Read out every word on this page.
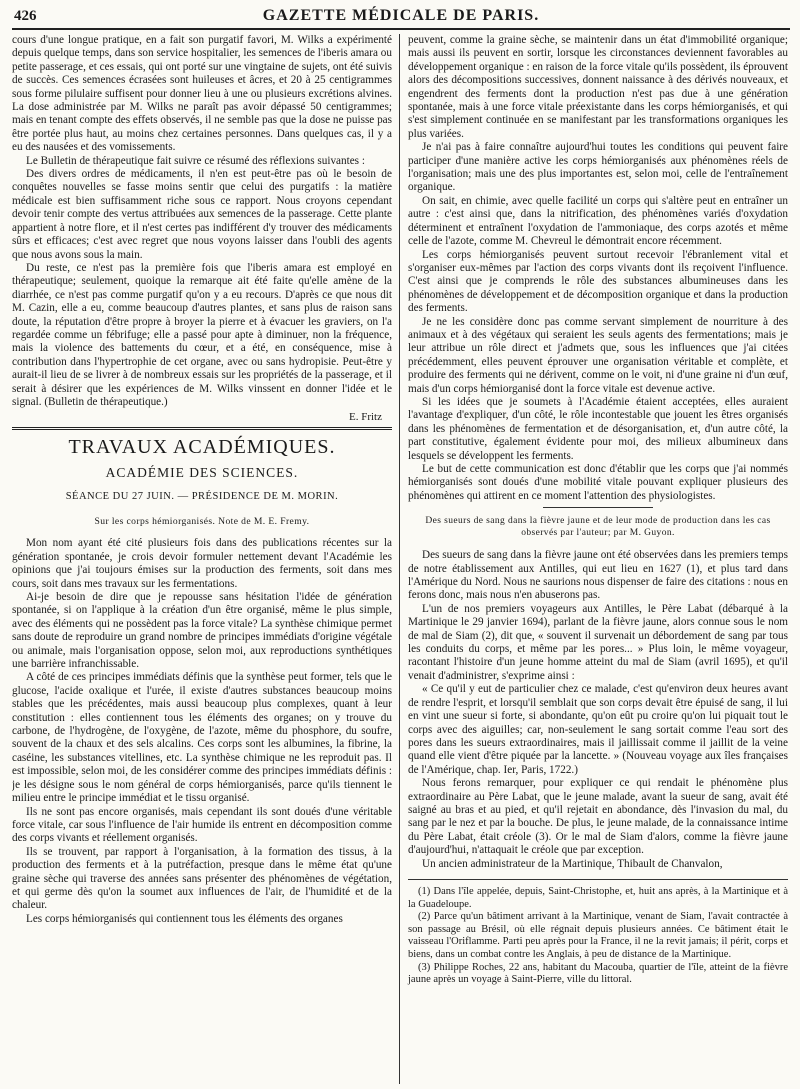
426	GAZETTE MÉDICALE DE PARIS.

cours d'une longue pratique, en a fait son purgatif favori, M. Wilks a expérimenté depuis quelque temps, dans son service hospitalier, les semences de l'iberis amara ou petite passerage, et ces essais, qui ont porté sur une vingtaine de sujets, ont été suivis de succès. Ces semences écrasées sont huileuses et âcres, et 20 à 25 centigrammes sous forme pilulaire suffisent pour donner lieu à une ou plusieurs excrétions alvines. La dose administrée par M. Wilks ne paraît pas avoir dépassé 50 centigrammes; mais en tenant compte des effets observés, il ne semble pas que la dose ne puisse pas être portée plus haut, au moins chez certaines personnes. Dans quelques cas, il y a eu des nausées et des vomissements.

Le Bulletin de thérapeutique fait suivre ce résumé des réflexions suivantes :

Des divers ordres de médicaments, il n'en est peut-être pas où le besoin de conquêtes nouvelles se fasse moins sentir que celui des purgatifs : la matière médicale est bien suffisamment riche sous ce rapport. Nous croyons cependant devoir tenir compte des vertus attribuées aux semences de la passerage. Cette plante appartient à notre flore, et il n'est certes pas indifférent d'y trouver des médicaments sûrs et efficaces; c'est avec regret que nous voyons laisser dans l'oubli des agents que nous avons sous la main.

Du reste, ce n'est pas la première fois que l'iberis amara est employé en thérapeutique; seulement, quoique la remarque ait été faite qu'elle amène de la diarrhée, ce n'est pas comme purgatif qu'on y a eu recours. D'après ce que nous dit M. Cazin, elle a eu, comme beaucoup d'autres plantes, et sans plus de raison sans doute, la réputation d'être propre à broyer la pierre et à évacuer les graviers, on l'a regardée comme un fébrifuge; elle a passé pour apte à diminuer, non la fréquence, mais la violence des battements du cœur, et a été, en conséquence, mise à contribution dans l'hypertrophie de cet organe, avec ou sans hydropisie. Peut-être y aurait-il lieu de se livrer à de nombreux essais sur les propriétés de la passerage, et il serait à désirer que les expériences de M. Wilks vinssent en donner l'idée et le signal. (Bulletin de thérapeutique.)

E. Fritz
TRAVAUX ACADÉMIQUES.
ACADÉMIE DES SCIENCES.
SÉANCE DU 27 JUIN. — PRÉSIDENCE DE M. MORIN.
Sur les corps hémiorganisés. Note de M. E. Fremy.

Mon nom ayant été cité plusieurs fois dans des publications récentes sur la génération spontanée, je crois devoir formuler nettement devant l'Académie les opinions que j'ai toujours émises sur la production des ferments, soit dans mes cours, soit dans mes travaux sur les fermentations.

Ai-je besoin de dire que je repousse sans hésitation l'idée de génération spontanée, si on l'applique à la création d'un être organisé, même le plus simple, avec des éléments qui ne possèdent pas la force vitale? La synthèse chimique permet sans doute de reproduire un grand nombre de principes immédiats d'origine végétale ou animale, mais l'organisation oppose, selon moi, aux reproductions synthétiques une barrière infranchissable.

A côté de ces principes immédiats définis que la synthèse peut former, tels que le glucose, l'acide oxalique et l'urée, il existe d'autres substances beaucoup moins stables que les précédentes, mais aussi beaucoup plus complexes, quant à leur constitution : elles contiennent tous les éléments des organes; on y trouve du carbone, de l'hydrogène, de l'oxygène, de l'azote, même du phosphore, du soufre, souvent de la chaux et des sels alcalins. Ces corps sont les albumines, la fibrine, la caséine, les substances vitellines, etc. La synthèse chimique ne les reproduit pas. Il est impossible, selon moi, de les considérer comme des principes immédiats définis : je les désigne sous le nom général de corps hémiorganisés, parce qu'ils tiennent le milieu entre le principe immédiat et le tissu organisé.

Ils ne sont pas encore organisés, mais cependant ils sont doués d'une véritable force vitale, car sous l'influence de l'air humide ils entrent en décomposition comme des corps vivants et réellement organisés.

Ils se trouvent, par rapport à l'organisation, à la formation des tissus, à la production des ferments et à la putréfaction, presque dans le même état qu'une graine sèche qui traverse des années sans présenter des phénomènes de végétation, et qui germe dès qu'on la soumet aux influences de l'air, de l'humidité et de la chaleur.

Les corps hémiorganisés qui contiennent tous les éléments des organes

peuvent, comme la graine sèche, se maintenir dans un état d'immobilité organique; mais aussi ils peuvent en sortir, lorsque les circonstances deviennent favorables au développement organique : en raison de la force vitale qu'ils possèdent, ils éprouvent alors des décompositions successives, donnent naissance à des dérivés nouveaux, et engendrent des ferments dont la production n'est pas due à une génération spontanée, mais à une force vitale préexistante dans les corps hémiorganisés, et qui s'est simplement continuée en se manifestant par les transformations organiques les plus variées.

Je n'ai pas à faire connaître aujourd'hui toutes les conditions qui peuvent faire participer d'une manière active les corps hémiorganisés aux phénomènes réels de l'organisation; mais une des plus importantes est, selon moi, celle de l'entraînement organique.

On sait, en chimie, avec quelle facilité un corps qui s'altère peut en entraîner un autre : c'est ainsi que, dans la nitrification, des phénomènes variés d'oxydation déterminent et entraînent l'oxydation de l'ammoniaque, des corps azotés et même celle de l'azote, comme M. Chevreul le démontrait encore récemment.

Les corps hémiorganisés peuvent surtout recevoir l'ébranlement vital et s'organiser eux-mêmes par l'action des corps vivants dont ils reçoivent l'influence. C'est ainsi que je comprends le rôle des substances albumineuses dans les phénomènes de développement et de décomposition organique et dans la production des ferments.

Je ne les considère donc pas comme servant simplement de nourriture à des animaux et à des végétaux qui seraient les seuls agents des fermentations; mais je leur attribue un rôle direct et j'admets que, sous les influences que j'ai citées précédemment, elles peuvent éprouver une organisation véritable et complète, et produire des ferments qui ne dérivent, comme on le voit, ni d'une graine ni d'un œuf, mais d'un corps hémiorganisé dont la force vitale est devenue active.

Si les idées que je soumets à l'Académie étaient acceptées, elles auraient l'avantage d'expliquer, d'un côté, le rôle incontestable que jouent les êtres organisés dans les phénomènes de fermentation et de désorganisation, et, d'un autre côté, la part constitutive, également évidente pour moi, des milieux albumineux dans lesquels se développent les ferments.

Le but de cette communication est donc d'établir que les corps que j'ai nommés hémiorganisés sont doués d'une mobilité vitale pouvant expliquer plusieurs des phénomènes qui attirent en ce moment l'attention des physiologistes.

Des sueurs de sang dans la fièvre jaune et de leur mode de production dans les cas observés par l'auteur; par M. Guyon.

Des sueurs de sang dans la fièvre jaune ont été observées dans les premiers temps de notre établissement aux Antilles, qui eut lieu en 1627 (1), et plus tard dans l'Amérique du Nord. Nous ne saurions nous dispenser de faire des citations : nous en ferons donc, mais nous n'en abuserons pas.

L'un de nos premiers voyageurs aux Antilles, le Père Labat (débarqué à la Martinique le 29 janvier 1694), parlant de la fièvre jaune, alors connue sous le nom de mal de Siam (2), dit que, « souvent il survenait un débordement de sang par tous les conduits du corps, et même par les pores... » Plus loin, le même voyageur, racontant l'histoire d'un jeune homme atteint du mal de Siam (avril 1695), et qu'il venait d'administrer, s'exprime ainsi :

« Ce qu'il y eut de particulier chez ce malade, c'est qu'environ deux heures avant de rendre l'esprit, et lorsqu'il semblait que son corps devait être épuisé de sang, il lui en vint une sueur si forte, si abondante, qu'on eût pu croire qu'on lui piquait tout le corps avec des aiguilles; car, non-seulement le sang sortait comme l'eau sort des pores dans les sueurs extraordinaires, mais il jaillissait comme il jaillit de la veine quand elle vient d'être piquée par la lancette. » (Nouveau voyage aux îles françaises de l'Amérique, chap. Ier, Paris, 1722.)

Nous ferons remarquer, pour expliquer ce qui rendait le phénomène plus extraordinaire au Père Labat, que le jeune malade, avant la sueur de sang, avait été saigné au bras et au pied, et qu'il rejetait en abondance, dès l'invasion du mal, du sang par le nez et par la bouche. De plus, le jeune malade, de la connaissance intime du Père Labat, était créole (3). Or le mal de Siam d'alors, comme la fièvre jaune d'aujourd'hui, n'attaquait le créole que par exception.

Un ancien administrateur de la Martinique, Thibault de Chanvalon,

(1) Dans l'île appelée, depuis, Saint-Christophe, et, huit ans après, à la Martinique et à la Guadeloupe.

(2) Parce qu'un bâtiment arrivant à la Martinique, venant de Siam, l'avait contractée à son passage au Brésil, où elle régnait depuis plusieurs années. Ce bâtiment était le vaisseau l'Oriflamme. Parti peu après pour la France, il ne la revit jamais; il périt, corps et biens, dans un combat contre les Anglais, à peu de distance de la Martinique.

(3) Philippe Roches, 22 ans, habitant du Macouba, quartier de l'île, atteint de la fièvre jaune après un voyage à Saint-Pierre, ville du littoral.
